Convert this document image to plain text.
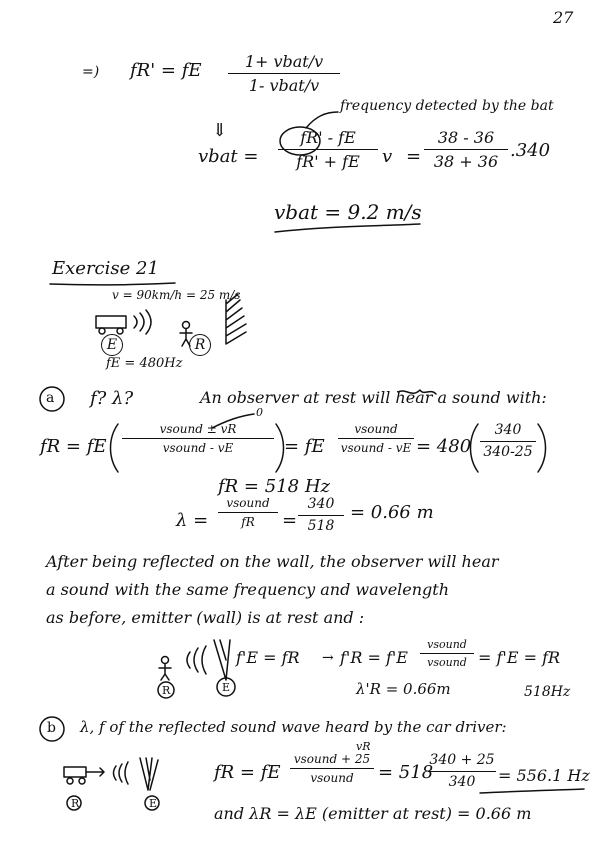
27
=) fR' = fE	1+ vbat/v
1- vbat/v
frequency detected by the bat
⇓
vbat =
fR' - fE
fR' + fE	v =
38 - 36
38 + 36
.340
vbat = 9.2 m/s
Exercise 21
v = 90km/h = 25 m/s
E	R
fE = 480Hz
a f? λ?	An observer at rest will hear a sound with:
fR = fE
vsound ± vR
vsound - vE
0
= fE
vsound
vsound - vE = 480
340
340-25
fR = 518 Hz
λ =
vsound
fR	=
340
518
= 0.66 m
After being reflected on the wall, the observer will hear
a sound with the same frequency and wavelength
as before, emitter (wall) is at rest and :
f'E = fR → f'R = f'E
vsound
vsound = f'E = fR
λ'R = 0.66m	518Hz
R	E
b λ, f of the reflected sound wave heard by the car driver:
vR
fR = fE
vsound + 25
vsound	= 518
340 + 25
340	= 556.1 Hz
and λR = λE (emitter at rest) = 0.66 m
R	E
